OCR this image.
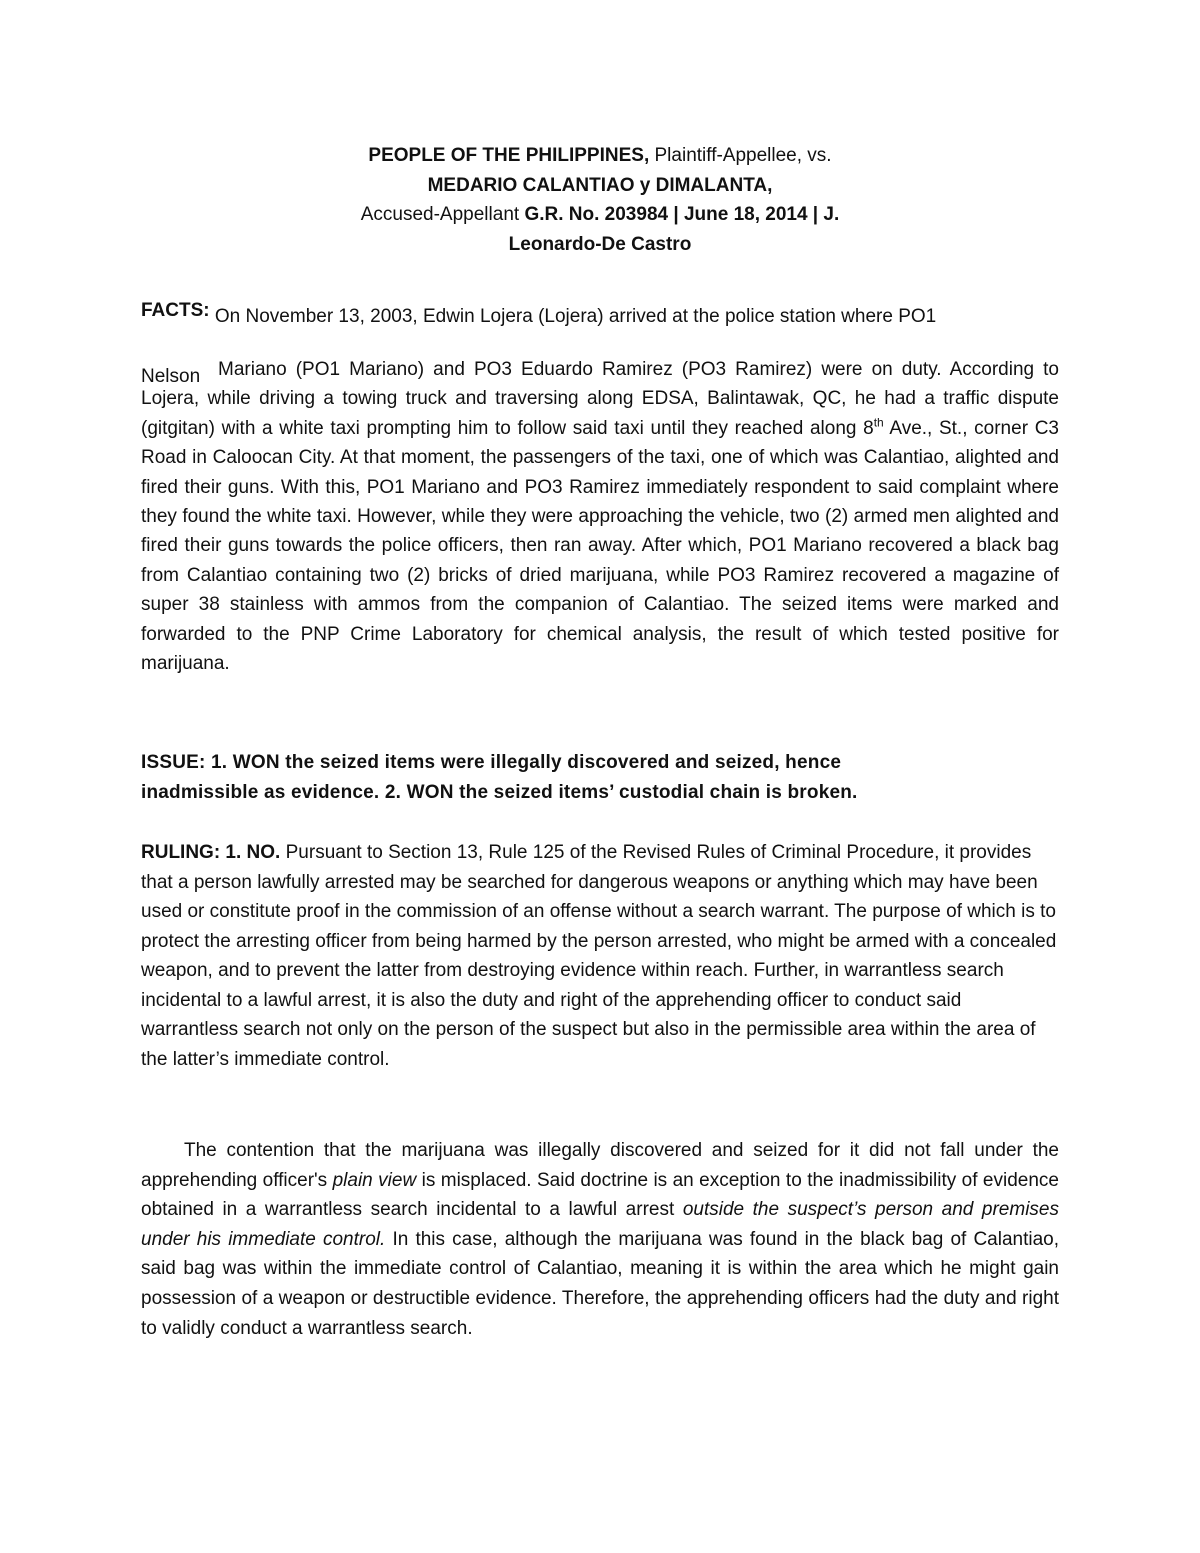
PEOPLE OF THE PHILIPPINES, Plaintiff-Appellee, vs.
MEDARIO CALANTIAO y DIMALANTA,
Accused-Appellant G.R. No. 203984 | June 18, 2014 | J.
Leonardo-De Castro
FACTS: On November 13, 2003, Edwin Lojera (Lojera) arrived at the police station where PO1
Nelson Mariano (PO1 Mariano) and PO3 Eduardo Ramirez (PO3 Ramirez) were on duty. According to Lojera, while driving a towing truck and traversing along EDSA, Balintawak, QC, he had a traffic dispute (gitgitan) with a white taxi prompting him to follow said taxi until they reached along 8th Ave., St., corner C3 Road in Caloocan City. At that moment, the passengers of the taxi, one of which was Calantiao, alighted and fired their guns. With this, PO1 Mariano and PO3 Ramirez immediately respondent to said complaint where they found the white taxi. However, while they were approaching the vehicle, two (2) armed men alighted and fired their guns towards the police officers, then ran away. After which, PO1 Mariano recovered a black bag from Calantiao containing two (2) bricks of dried marijuana, while PO3 Ramirez recovered a magazine of super 38 stainless with ammos from the companion of Calantiao. The seized items were marked and forwarded to the PNP Crime Laboratory for chemical analysis, the result of which tested positive for marijuana.
ISSUE: 1. WON the seized items were illegally discovered and seized, hence
inadmissible as evidence. 2. WON the seized items’ custodial chain is broken.
RULING: 1. NO. Pursuant to Section 13, Rule 125 of the Revised Rules of Criminal Procedure, it provides that a person lawfully arrested may be searched for dangerous weapons or anything which may have been used or constitute proof in the commission of an offense without a search warrant. The purpose of which is to protect the arresting officer from being harmed by the person arrested, who might be armed with a concealed weapon, and to prevent the latter from destroying evidence within reach. Further, in warrantless search incidental to a lawful arrest, it is also the duty and right of the apprehending officer to conduct said warrantless search not only on the person of the suspect but also in the permissible area within the area of the latter’s immediate control.
The contention that the marijuana was illegally discovered and seized for it did not fall under the apprehending officer's plain view is misplaced. Said doctrine is an exception to the inadmissibility of evidence obtained in a warrantless search incidental to a lawful arrest outside the suspect’s person and premises under his immediate control. In this case, although the marijuana was found in the black bag of Calantiao, said bag was within the immediate control of Calantiao, meaning it is within the area which he might gain possession of a weapon or destructible evidence. Therefore, the apprehending officers had the duty and right to validly conduct a warrantless search.
